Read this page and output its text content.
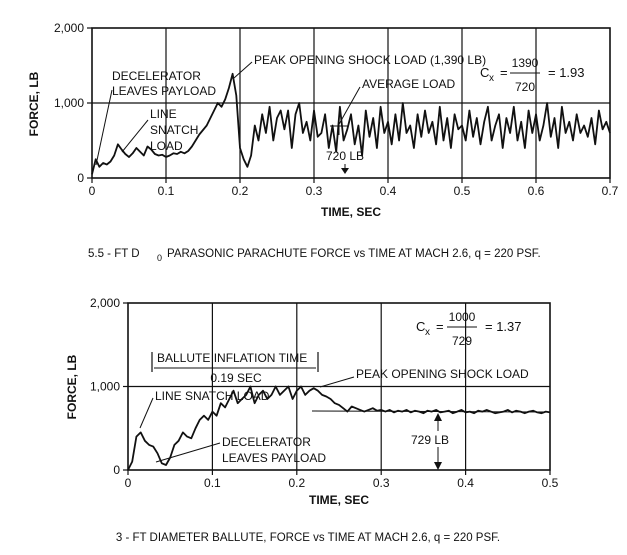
0	0.1	0.2	0.3	0.4	0.5	0.6	0.7
0
1,000
2,000
FORCE, LB
TIME, SEC
DECELERATOR
LEAVES PAYLOAD
LINE
SNATCH
LOAD
PEAK OPENING SHOCK LOAD (1,390 LB)
AVERAGE LOAD
720 LB
C x =
1390
720
= 1.93
5.5 - FT D 0 PARASONIC PARACHUTE FORCE vs TIME AT MACH 2.6, q = 220 PSF.
0	0.1	0.2	0.3	0.4	0.5
0
1,000
2,000
FORCE, LB
TIME, SEC
BALLUTE INFLATION TIME
0.19 SEC
LINE SNATCH LOAD
PEAK OPENING SHOCK LOAD
DECELERATOR
LEAVES PAYLOAD
729 LB
C x =
1000
729
= 1.37
3 - FT DIAMETER BALLUTE, FORCE vs TIME AT MACH 2.6, q = 220 PSF.
